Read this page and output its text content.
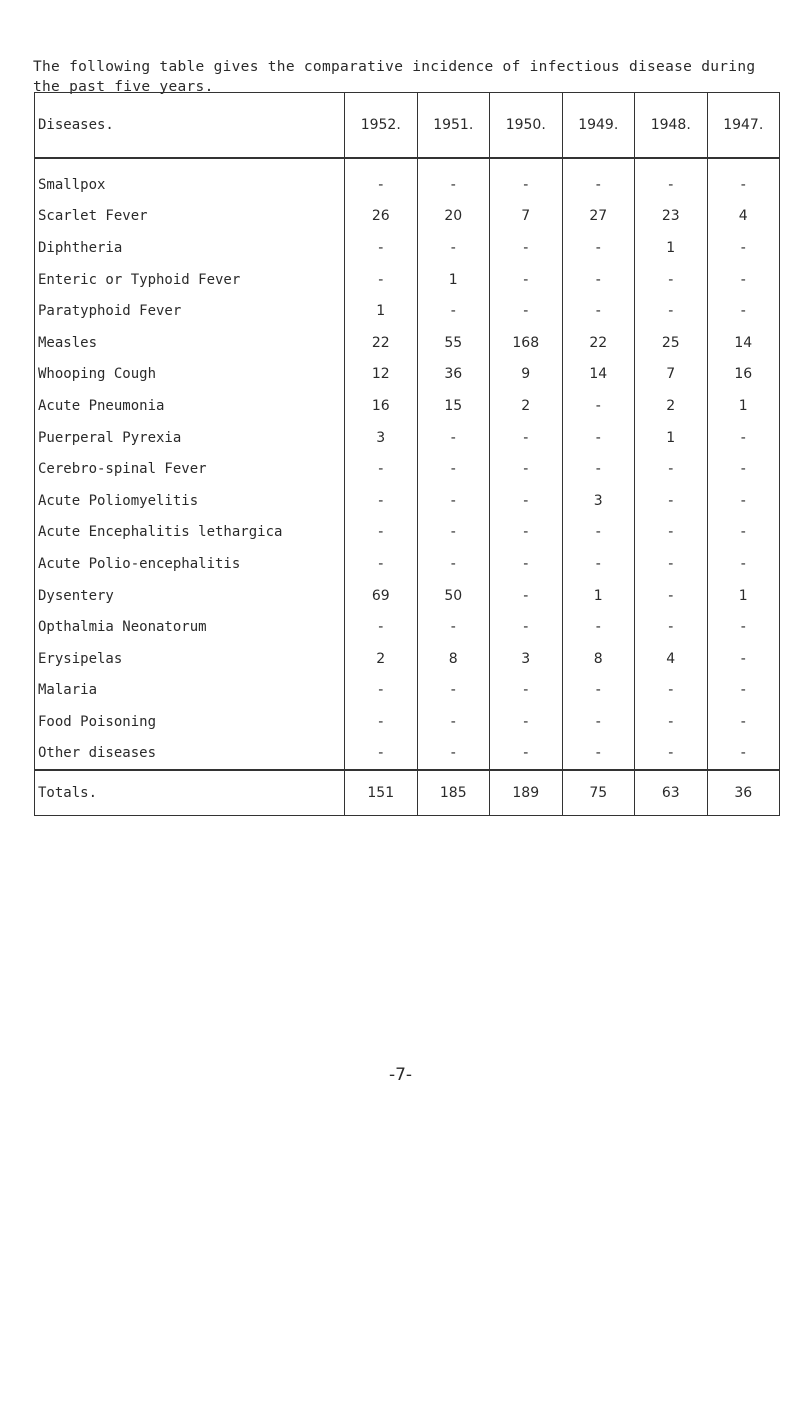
The following table gives the comparative incidence of infectious disease during the past five years.

Diseases.	1952.	1951.	1950.	1949.	1948.	1947.
Smallpox	-	-	-	-	-	-
Scarlet Fever	26	20	7	27	23	4
Diphtheria	-	-	-	-	1	-
Enteric or Typhoid Fever	-	1	-	-	-	-
Paratyphoid Fever	1	-	-	-	-	-
Measles	22	55	168	22	25	14
Whooping Cough	12	36	9	14	7	16
Acute Pneumonia	16	15	2	-	2	1
Puerperal Pyrexia	3	-	-	-	1	-
Cerebro-spinal Fever	-	-	-	-	-	-
Acute Poliomyelitis	-	-	-	3	-	-
Acute Encephalitis lethargica	-	-	-	-	-	-
Acute Polio-encephalitis	-	-	-	-	-	-
Dysentery	69	50	-	1	-	1
Opthalmia Neonatorum	-	-	-	-	-	-
Erysipelas	2	8	3	8	4	-
Malaria	-	-	-	-	-	-
Food Poisoning	-	-	-	-	-	-
Other diseases	-	-	-	-	-	-
Totals.	151	185	189	75	63	36
-7-
